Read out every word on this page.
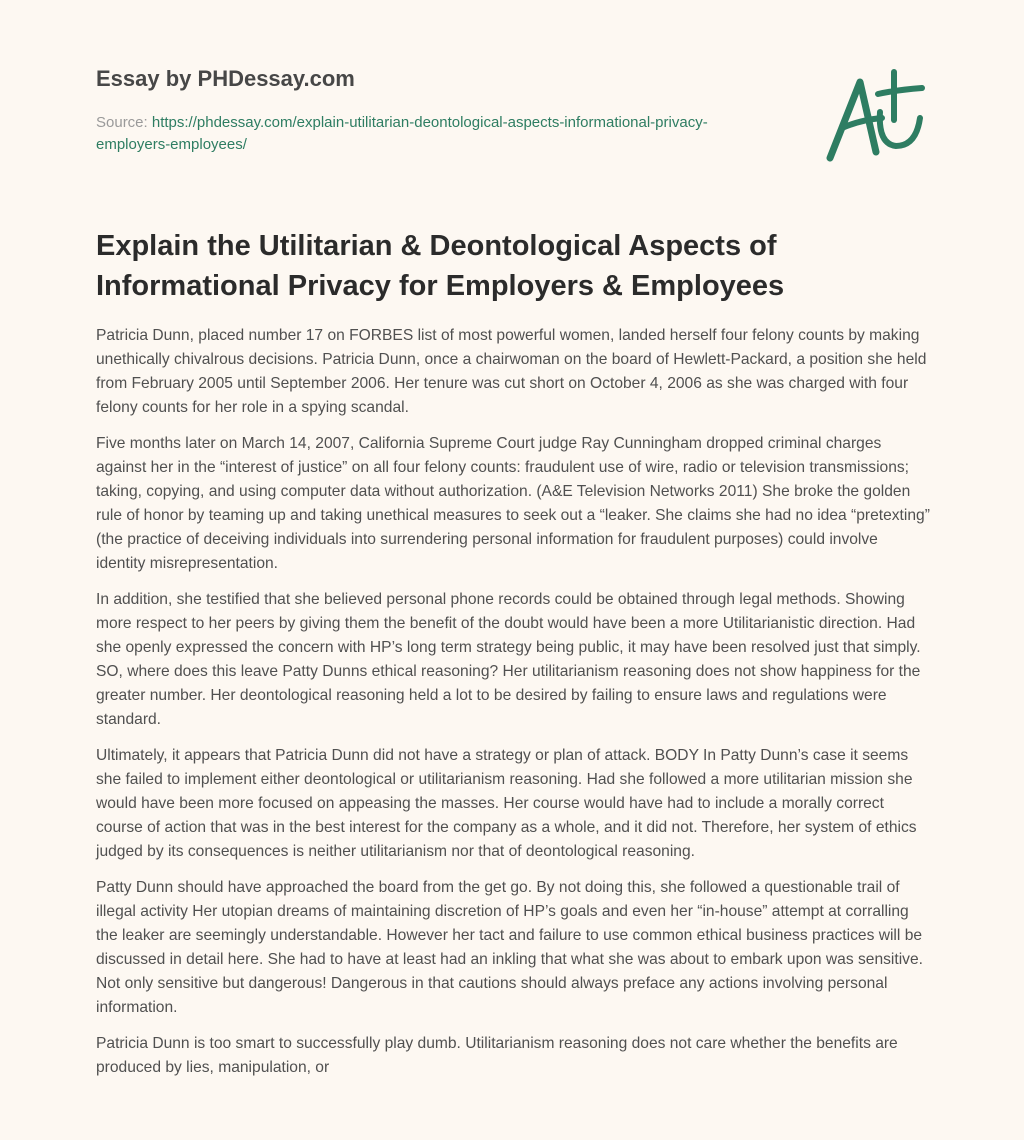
Essay by PHDessay.com
Source: https://phdessay.com/explain-utilitarian-deontological-aspects-informational-privacy-employers-employees/
Explain the Utilitarian & Deontological Aspects of Informational Privacy for Employers & Employees

Patricia Dunn, placed number 17 on FORBES list of most powerful women, landed herself four felony counts by making unethically chivalrous decisions. Patricia Dunn, once a chairwoman on the board of Hewlett-Packard, a position she held from February 2005 until September 2006. Her tenure was cut short on October 4, 2006 as she was charged with four felony counts for her role in a spying scandal.

Five months later on March 14, 2007, California Supreme Court judge Ray Cunningham dropped criminal charges against her in the “interest of justice” on all four felony counts: fraudulent use of wire, radio or television transmissions; taking, copying, and using computer data without authorization. (A&E Television Networks 2011) She broke the golden rule of honor by teaming up and taking unethical measures to seek out a “leaker. She claims she had no idea “pretexting” (the practice of deceiving individuals into surrendering personal information for fraudulent purposes) could involve identity misrepresentation.

In addition, she testified that she believed personal phone records could be obtained through legal methods. Showing more respect to her peers by giving them the benefit of the doubt would have been a more Utilitarianistic direction. Had she openly expressed the concern with HP’s long term strategy being public, it may have been resolved just that simply. SO, where does this leave Patty Dunns ethical reasoning? Her utilitarianism reasoning does not show happiness for the greater number. Her deontological reasoning held a lot to be desired by failing to ensure laws and regulations were standard.

Ultimately, it appears that Patricia Dunn did not have a strategy or plan of attack. BODY In Patty Dunn’s case it seems she failed to implement either deontological or utilitarianism reasoning. Had she followed a more utilitarian mission she would have been more focused on appeasing the masses. Her course would have had to include a morally correct course of action that was in the best interest for the company as a whole, and it did not. Therefore, her system of ethics judged by its consequences is neither utilitarianism nor that of deontological reasoning.

Patty Dunn should have approached the board from the get go. By not doing this, she followed a questionable trail of illegal activity Her utopian dreams of maintaining discretion of HP’s goals and even her “in-house” attempt at corralling the leaker are seemingly understandable. However her tact and failure to use common ethical business practices will be discussed in detail here. She had to have at least had an inkling that what she was about to embark upon was sensitive. Not only sensitive but dangerous! Dangerous in that cautions should always preface any actions involving personal information.

Patricia Dunn is too smart to successfully play dumb. Utilitarianism reasoning does not care whether the benefits are produced by lies, manipulation, or
